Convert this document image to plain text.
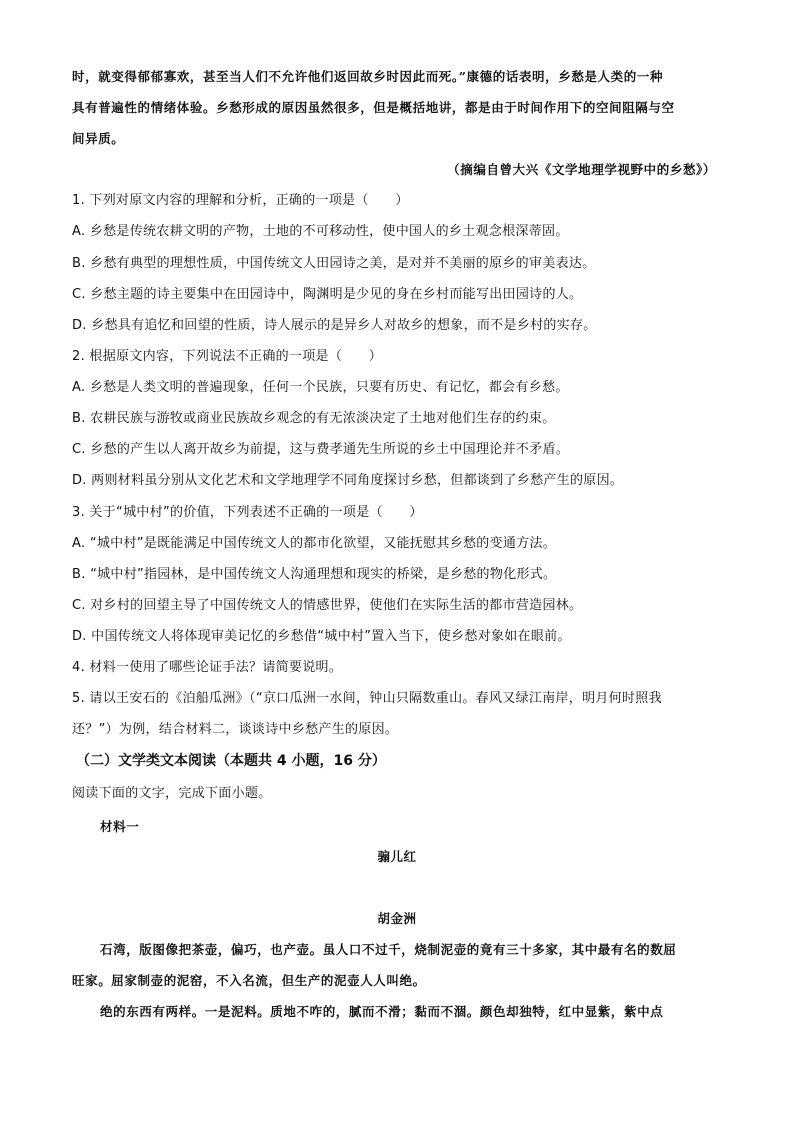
时，就变得郁郁寡欢，甚至当人们不允许他们返回故乡时因此而死。”康德的话表明，乡愁是人类的一种
具有普遍性的情绪体验。乡愁形成的原因虽然很多，但是概括地讲，都是由于时间作用下的空间阻隔与空
间异质。
（摘编自曾大兴《文学地理学视野中的乡愁》）
1. 下列对原文内容的理解和分析，正确的一项是（　　）
A. 乡愁是传统农耕文明的产物，土地的不可移动性，使中国人的乡土观念根深蒂固。
B. 乡愁有典型的理想性质，中国传统文人田园诗之美，是对并不美丽的原乡的审美表达。
C. 乡愁主题的诗主要集中在田园诗中，陶渊明是少见的身在乡村而能写出田园诗的人。
D. 乡愁具有追忆和回望的性质，诗人展示的是异乡人对故乡的想象，而不是乡村的实存。
2. 根据原文内容，下列说法不正确的一项是（　　）
A. 乡愁是人类文明的普遍现象，任何一个民族，只要有历史、有记忆，都会有乡愁。
B. 农耕民族与游牧或商业民族故乡观念的有无浓淡决定了土地对他们生存的约束。
C. 乡愁的产生以人离开故乡为前提，这与费孝通先生所说的乡土中国理论并不矛盾。
D. 两则材料虽分别从文化艺术和文学地理学不同角度探讨乡愁，但都谈到了乡愁产生的原因。
3. 关于“城中村”的价值，下列表述不正确的一项是（　　）
A. “城中村”是既能满足中国传统文人的都市化欲望，又能抚慰其乡愁的变通方法。
B. “城中村”指园林，是中国传统文人沟通理想和现实的桥梁，是乡愁的物化形式。
C. 对乡村的回望主导了中国传统文人的情感世界，使他们在实际生活的都市营造园林。
D. 中国传统文人将体现审美记忆的乡愁借“城中村”置入当下，使乡愁对象如在眼前。
4. 材料一使用了哪些论证手法？请简要说明。
5. 请以王安石的《泊船瓜洲》（“京口瓜洲一水间，钟山只隔数重山。春风又绿江南岸，明月何时照我
还？”）为例，结合材料二，谈谈诗中乡愁产生的原因。
（二）文学类文本阅读（本题共 4 小题，16 分）
阅读下面的文字，完成下面小题。
材料一
骟儿红
胡金洲
石湾，版图像把茶壶，偏巧，也产壶。虽人口不过千，烧制泥壶的竟有三十多家，其中最有名的数屈
旺家。屈家制壶的泥窑，不入名流，但生产的泥壶人人叫绝。
绝的东西有两样。一是泥料。质地不咋的，腻而不滑；黏而不涸。颜色却独特，红中显紫，紫中点
